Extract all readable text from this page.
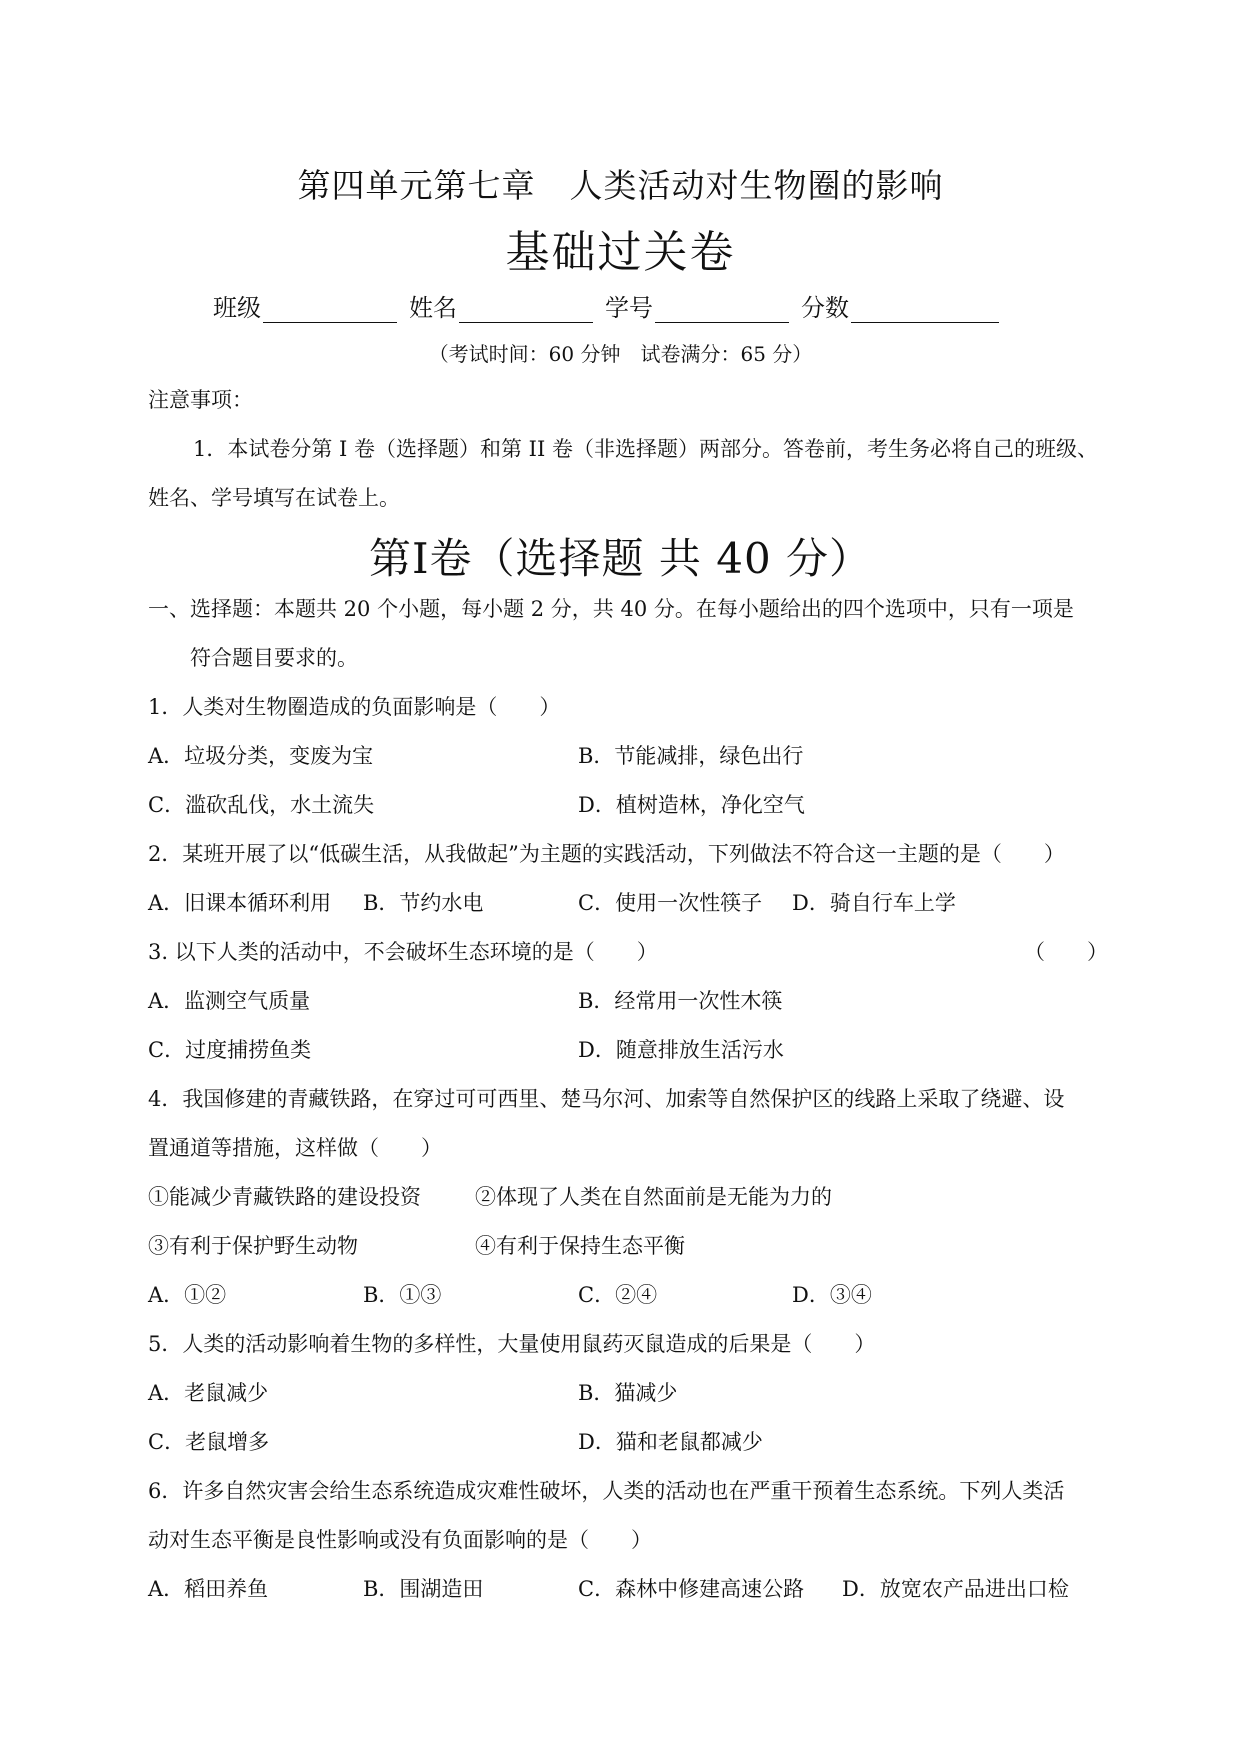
第四单元第七章　人类活动对生物圈的影响
基础过关卷
班级	姓名	学号	分数
（考试时间：60 分钟　试卷满分：65 分）
注意事项：
1．本试卷分第 I 卷（选择题）和第 II 卷（非选择题）两部分。答卷前，考生务必将自己的班级、
姓名、学号填写在试卷上。
第I卷（选择题 共 40 分）
一、选择题：本题共 20 个小题，每小题 2 分，共 40 分。在每小题给出的四个选项中，只有一项是
符合题目要求的。
1．人类对生物圈造成的负面影响是（　　）
A．垃圾分类，变废为宝	B．节能减排，绿色出行
C．滥砍乱伐，水土流失	D．植树造林，净化空气
2．某班开展了以“低碳生活，从我做起”为主题的实践活动，下列做法不符合这一主题的是（　　）
A．旧课本循环利用 B．节约水电	C．使用一次性筷子 D．骑自行车上学
3. 以下人类的活动中，不会破坏生态环境的是（　　）	（　　）
A．监测空气质量	B．经常用一次性木筷
C．过度捕捞鱼类	D．随意排放生活污水
4．我国修建的青藏铁路，在穿过可可西里、楚马尔河、加索等自然保护区的线路上采取了绕避、设
置通道等措施，这样做（　　）
①能减少青藏铁路的建设投资	②体现了人类在自然面前是无能为力的
③有利于保护野生动物	④有利于保持生态平衡
A．①②	B．①③	C．②④	D．③④
5．人类的活动影响着生物的多样性，大量使用鼠药灭鼠造成的后果是（　　）
A．老鼠减少	B．猫减少
C．老鼠增多	D．猫和老鼠都减少
6．许多自然灾害会给生态系统造成灾难性破坏，人类的活动也在严重干预着生态系统。下列人类活
动对生态平衡是良性影响或没有负面影响的是（　　）
A．稻田养鱼	B．围湖造田	C．森林中修建高速公路 D．放宽农产品进出口检
